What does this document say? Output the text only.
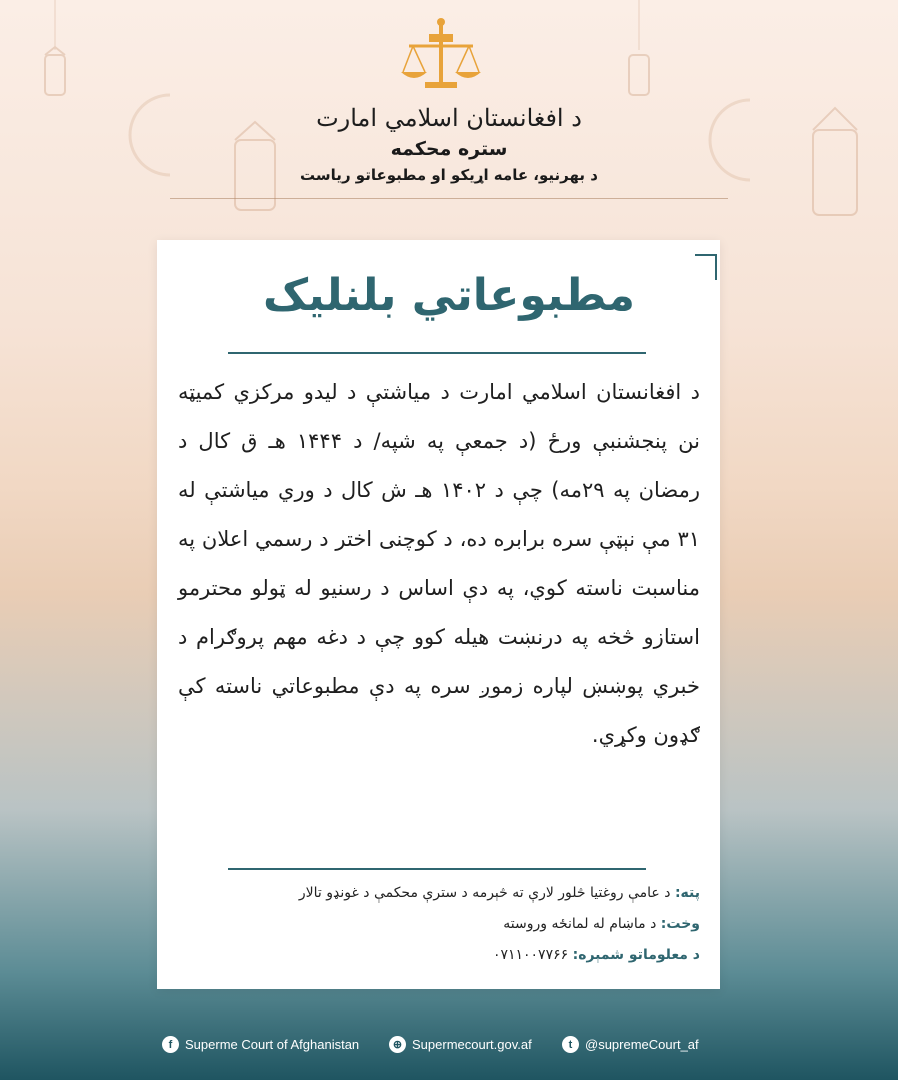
د افغانستان اسلامي امارت
ستره محکمه
د بهرنیو، عامه اړیکو او مطبوعاتو ریاست
مطبوعاتي بلنلیک
د افغانستان اسلامي امارت د میاشتې د لیدو مرکزي کمیټه نن پنجشنبې ورځ (د جمعې په شپه/ د ۱۴۴۴ هـ ق کال د رمضان په ۲۹مه) چې د ۱۴۰۲ هـ ش کال د وري میاشتې له ۳۱ مې نېټې سره برابره ده، د کوچنی اختر د رسمي اعلان په مناسبت ناسته کوي، په دې اساس د رسنیو له ټولو محترمو استازو څخه په درنښت هیله کوو چې د دغه مهم پروګرام د خبري پوښښ لپاره زموږ سره په دې مطبوعاتي ناسته کې ګډون وکړي.
پته: د عامې روغتیا څلور لارې ته څېرمه د سترې محکمې د غونډو تالار
وخت: د ماښام له لمانځه وروسته
د معلوماتو شمېره: ۰۷۱۱۰۰۷۷۶۶
f Superme Court of Afghanistan	⊕ Supermecourt.gov.af	t @supremeCourt_af
